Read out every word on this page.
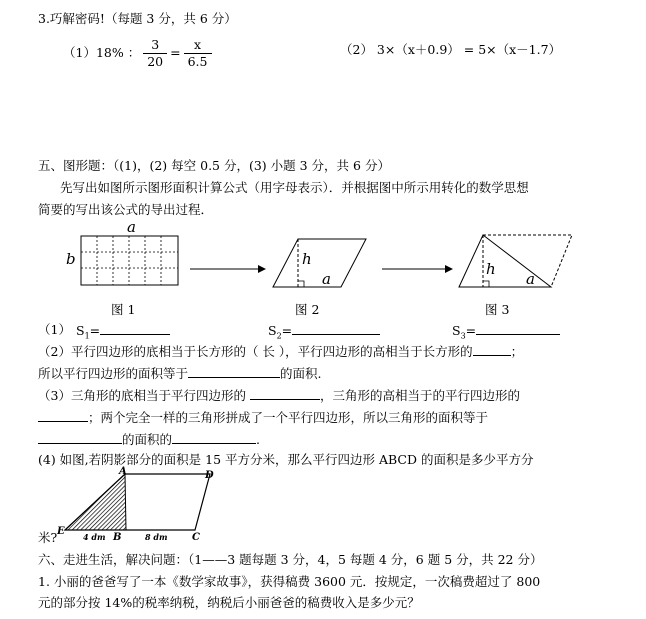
3.巧解密码!（每题 3 分，共 6 分）
（1）18% ： $\frac{3}{20} = \frac{x}{6.5}$	（2） 3×（x＋0.9） = 5×（x－1.7）
五、图形题：（(1)，(2) 每空 0.5 分，(3) 小题 3 分，共 6 分）
先写出如图所示图形面积计算公式（用字母表示）．并根据图中所示用转化的数学思想
简要的写出该公式的导出过程．
a
b	h
a
h
a
图 1	图 2	图 3
（1） $S_1=$	$S_2=$	$S_3=$
（2）平行四边形的底相当于长方形的（ 长 ），平行四边形的高相当于长方形的	；
所以平行四边形的面积等于	的面积.
（3）三角形的底相当于平行四边形的	，三角形的高相当于的平行四边形的
；两个完全一样的三角形拼成了一个平行四边形，所以三角形的面积等于
的面积的	.
(4) 如图,若阴影部分的面积是 15 平方分米，那么平行四边形 ABCD 的面积是多少平方分
A	D
E
B	C
4 dm	8 dm
米?
六、走进生活，解决问题：（1——3 题每题 3 分，4，5 每题 4 分，6 题 5 分，共 22 分）
1. 小丽的爸爸写了一本《数学家故事》，获得稿费 3600 元．按规定，一次稿费超过了 800
元的部分按 14%的税率纳税，纳税后小丽爸爸的稿费收入是多少元？
